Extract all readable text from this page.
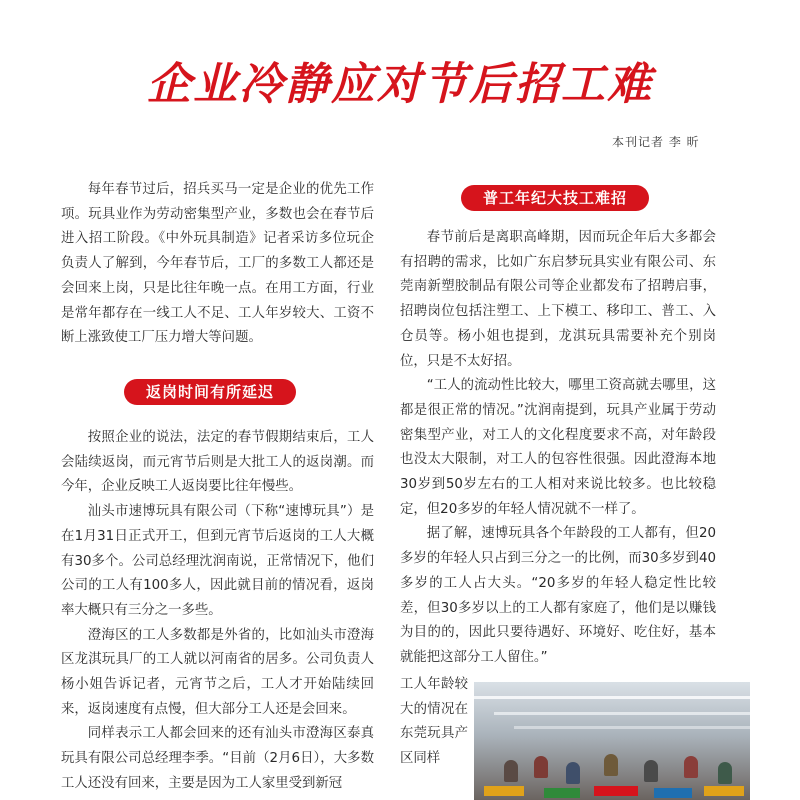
企业冷静应对节后招工难
本刊记者 李 昕

每年春节过后，招兵买马一定是企业的优先工作项。玩具业作为劳动密集型产业，多数也会在春节后进入招工阶段。《中外玩具制造》记者采访多位玩企负责人了解到，今年春节后，工厂的多数工人都还是会回来上岗，只是比往年晚一点。在用工方面，行业是常年都存在一线工人不足、工人年岁较大、工资不断上涨致使工厂压力增大等问题。

返岗时间有所延迟

按照企业的说法，法定的春节假期结束后，工人会陆续返岗，而元宵节后则是大批工人的返岗潮。而今年，企业反映工人返岗要比往年慢些。

汕头市速博玩具有限公司（下称“速博玩具”）是在1月31日正式开工，但到元宵节后返岗的工人大概有30多个。公司总经理沈润南说，正常情况下，他们公司的工人有100多人，因此就目前的情况看，返岗率大概只有三分之一多些。

澄海区的工人多数都是外省的，比如汕头市澄海区龙淇玩具厂的工人就以河南省的居多。公司负责人杨小姐告诉记者，元宵节之后，工人才开始陆续回来，返岗速度有点慢，但大部分工人还是会回来。

同样表示工人都会回来的还有汕头市澄海区泰真玩具有限公司总经理李季。“目前（2月6日），大多数工人还没有回来，主要是因为工人家里受到新冠

普工年纪大技工难招

春节前后是离职高峰期，因而玩企年后大多都会有招聘的需求，比如广东启梦玩具实业有限公司、东莞南新塑胶制品有限公司等企业都发布了招聘启事，招聘岗位包括注塑工、上下模工、移印工、普工、入仓员等。杨小姐也提到，龙淇玩具需要补充个别岗位，只是不太好招。

“工人的流动性比较大，哪里工资高就去哪里，这都是很正常的情况。”沈润南提到，玩具产业属于劳动密集型产业，对工人的文化程度要求不高，对年龄段也没太大限制，对工人的包容性很强。因此澄海本地30岁到50岁左右的工人相对来说比较多。也比较稳定，但20多岁的年轻人情况就不一样了。

据了解，速博玩具各个年龄段的工人都有，但20多岁的年轻人只占到三分之一的比例，而30多岁到40多岁的工人占大头。“20多岁的年轻人稳定性比较差，但30多岁以上的工人都有家庭了，他们是以赚钱为目的的，因此只要待遇好、环境好、吃住好，基本就能把这部分工人留住。”

工人年龄较大的情况在东莞玩具产区同样
